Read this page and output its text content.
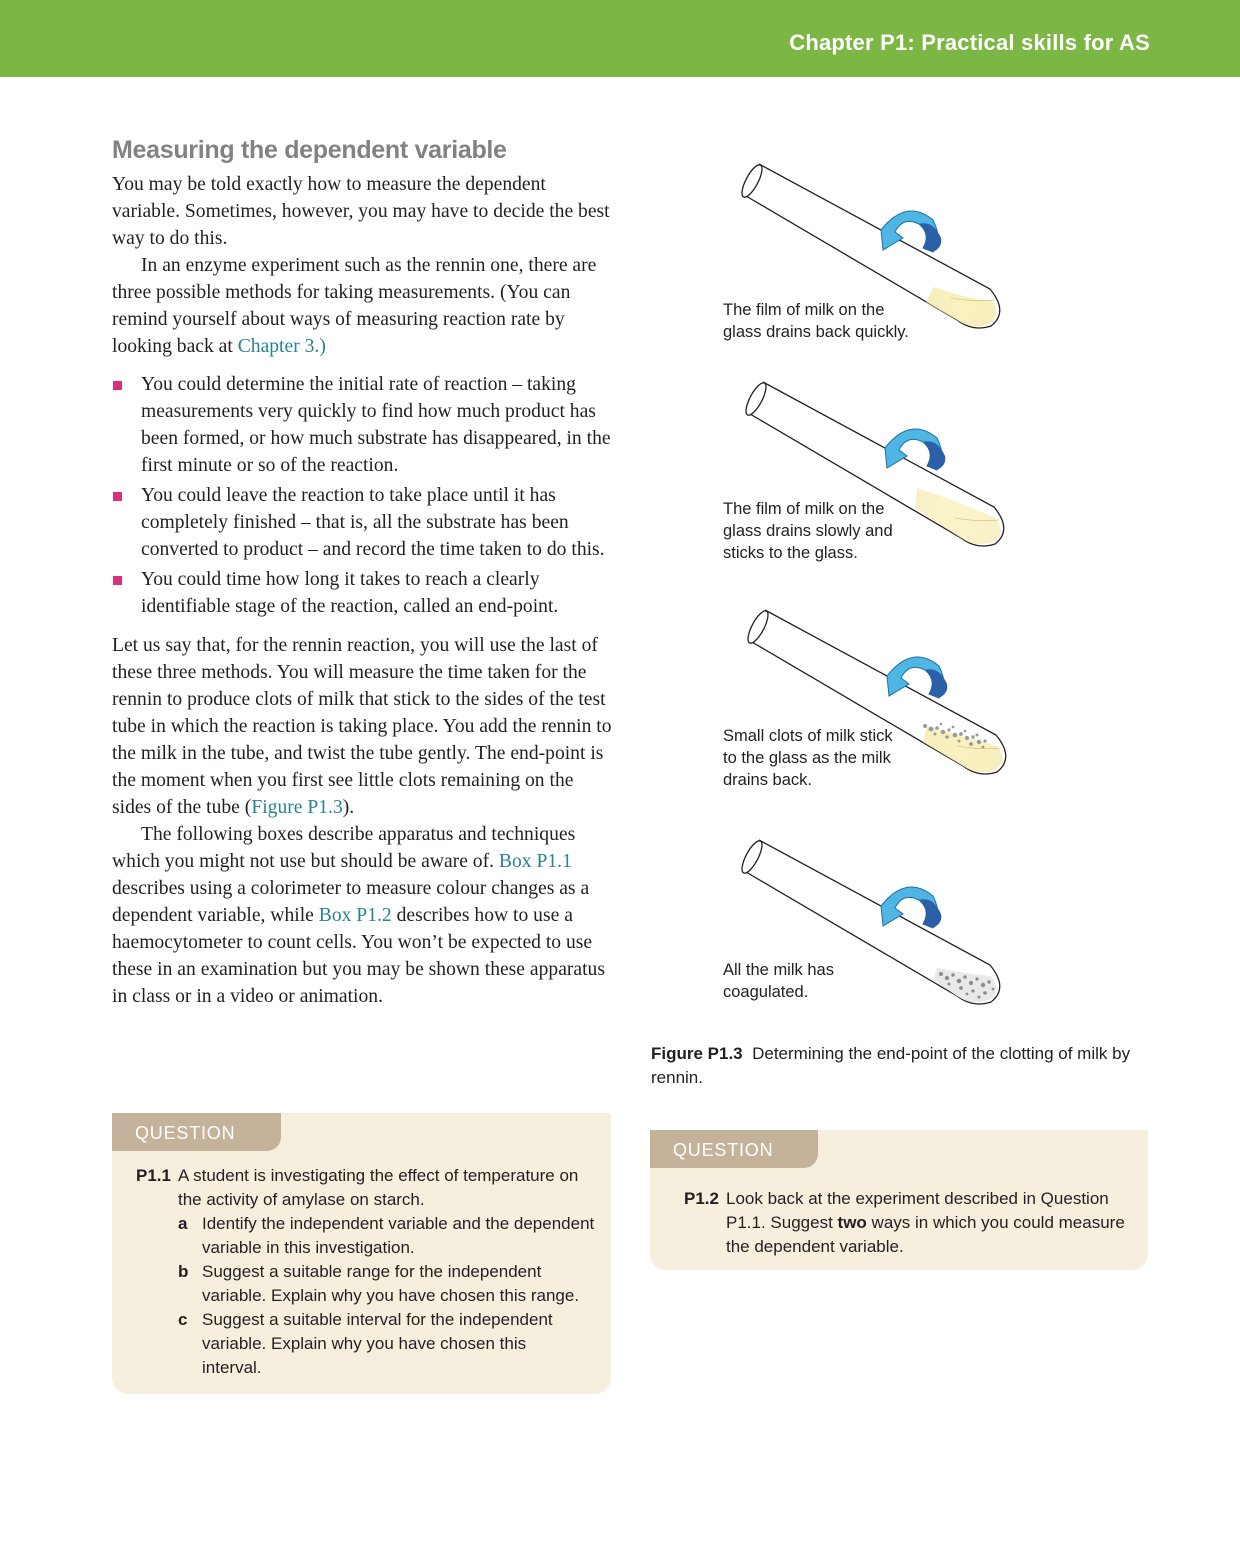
Chapter P1: Practical skills for AS
Measuring the dependent variable

You may be told exactly how to measure the dependent variable. Sometimes, however, you may have to decide the best way to do this.

In an enzyme experiment such as the rennin one, there are three possible methods for taking measurements. (You can remind yourself about ways of measuring reaction rate by looking back at Chapter 3.)

You could determine the initial rate of reaction – taking measurements very quickly to find how much product has been formed, or how much substrate has disappeared, in the first minute or so of the reaction.
You could leave the reaction to take place until it has completely finished – that is, all the substrate has been converted to product – and record the time taken to do this.
You could time how long it takes to reach a clearly identifiable stage of the reaction, called an end-point.

Let us say that, for the rennin reaction, you will use the last of these three methods. You will measure the time taken for the rennin to produce clots of milk that stick to the sides of the test tube in which the reaction is taking place. You add the rennin to the milk in the tube, and twist the tube gently. The end-point is the moment when you first see little clots remaining on the sides of the tube (Figure P1.3).

The following boxes describe apparatus and techniques which you might not use but should be aware of. Box P1.1 describes using a colorimeter to measure colour changes as a dependent variable, while Box P1.2 describes how to use a haemocytometer to count cells. You won’t be expected to use these in an examination but you may be shown these apparatus in class or in a video or animation.

QUESTION
P1.1 A student is investigating the effect of temperature on the activity of amylase on starch.
a Identify the independent variable and the dependent variable in this investigation.
b Suggest a suitable range for the independent variable. Explain why you have chosen this range.
c Suggest a suitable interval for the independent variable. Explain why you have chosen this interval.
The film of milk on the glass drains back quickly.
The film of milk on the glass drains slowly and sticks to the glass.
Small clots of milk stick to the glass as the milk drains back.
All the milk has coagulated.
Figure P1.3 Determining the end-point of the clotting of milk by rennin.
QUESTION
P1.2 Look back at the experiment described in Question P1.1. Suggest two ways in which you could measure the dependent variable.
